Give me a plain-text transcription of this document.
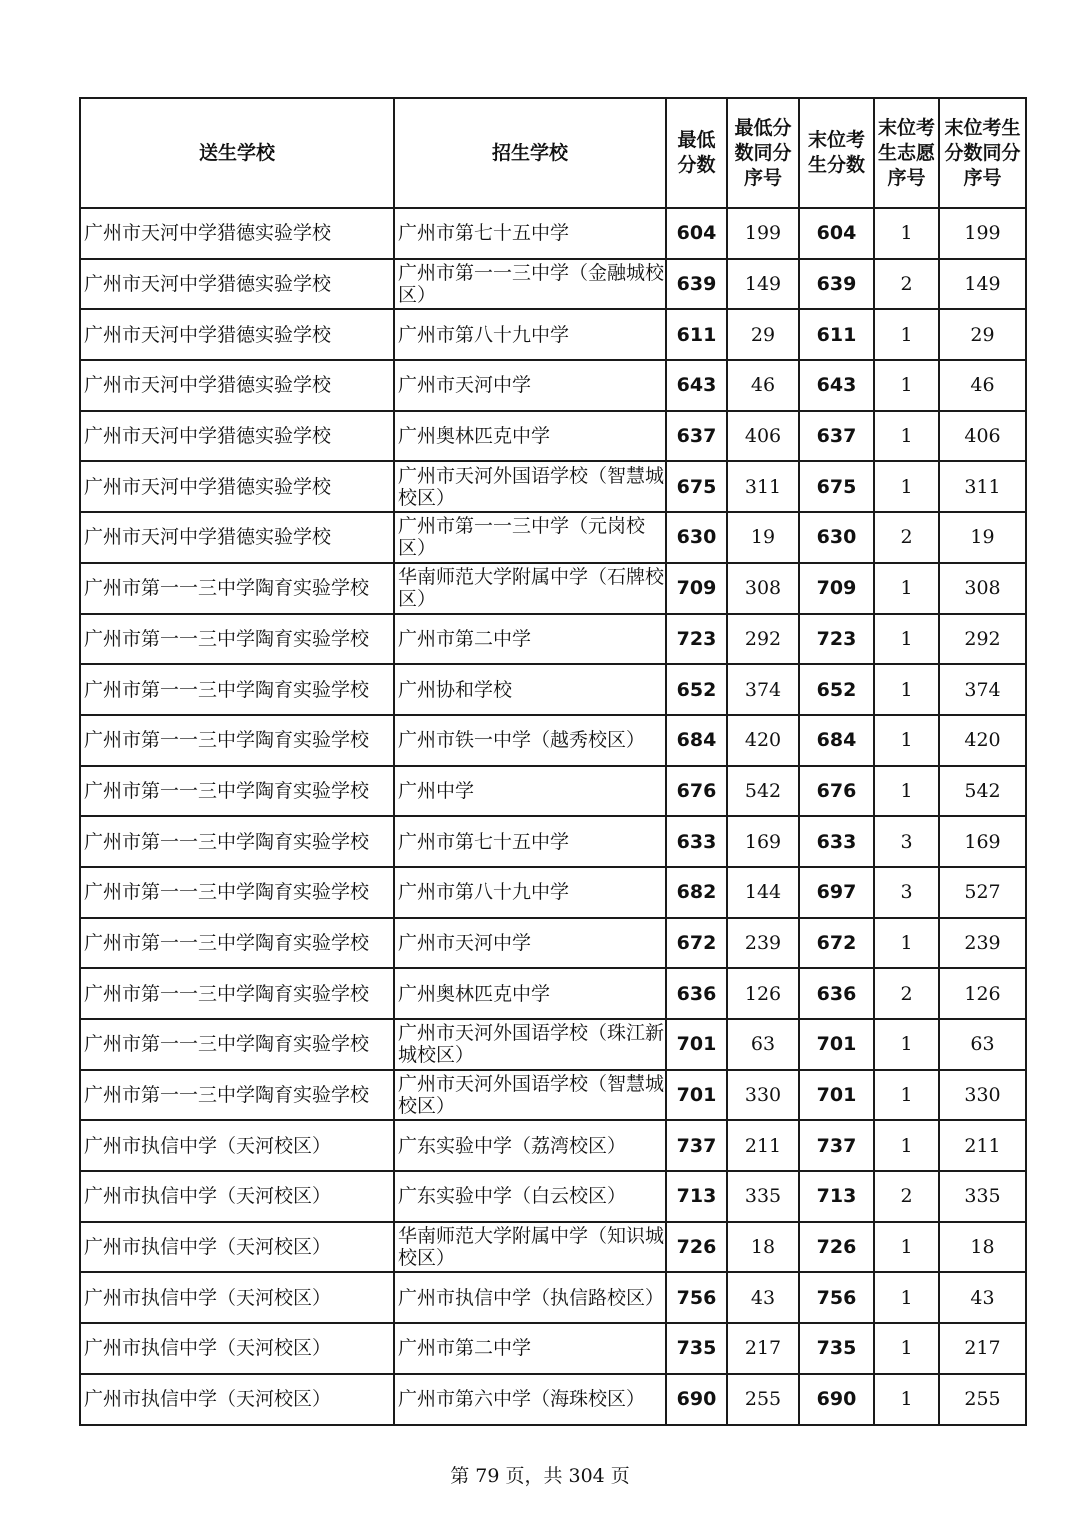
送生学校	招生学校	最低分数	最低分数同分序号	末位考生分数	末位考生志愿序号	末位考生分数同分序号
广州市天河中学猎德实验学校	广州市第七十五中学	604	199	604	1	199
广州市天河中学猎德实验学校	广州市第一一三中学（金融城校区）	639	149	639	2	149
广州市天河中学猎德实验学校	广州市第八十九中学	611	29	611	1	29
广州市天河中学猎德实验学校	广州市天河中学	643	46	643	1	46
广州市天河中学猎德实验学校	广州奥林匹克中学	637	406	637	1	406
广州市天河中学猎德实验学校	广州市天河外国语学校（智慧城校区）	675	311	675	1	311
广州市天河中学猎德实验学校	广州市第一一三中学（元岗校区）	630	19	630	2	19
广州市第一一三中学陶育实验学校	华南师范大学附属中学（石牌校区）	709	308	709	1	308
广州市第一一三中学陶育实验学校	广州市第二中学	723	292	723	1	292
广州市第一一三中学陶育实验学校	广州协和学校	652	374	652	1	374
广州市第一一三中学陶育实验学校	广州市铁一中学（越秀校区）	684	420	684	1	420
广州市第一一三中学陶育实验学校	广州中学	676	542	676	1	542
广州市第一一三中学陶育实验学校	广州市第七十五中学	633	169	633	3	169
广州市第一一三中学陶育实验学校	广州市第八十九中学	682	144	697	3	527
广州市第一一三中学陶育实验学校	广州市天河中学	672	239	672	1	239
广州市第一一三中学陶育实验学校	广州奥林匹克中学	636	126	636	2	126
广州市第一一三中学陶育实验学校	广州市天河外国语学校（珠江新城校区）	701	63	701	1	63
广州市第一一三中学陶育实验学校	广州市天河外国语学校（智慧城校区）	701	330	701	1	330
广州市执信中学（天河校区）	广东实验中学（荔湾校区）	737	211	737	1	211
广州市执信中学（天河校区）	广东实验中学（白云校区）	713	335	713	2	335
广州市执信中学（天河校区）	华南师范大学附属中学（知识城校区）	726	18	726	1	18
广州市执信中学（天河校区）	广州市执信中学（执信路校区）	756	43	756	1	43
广州市执信中学（天河校区）	广州市第二中学	735	217	735	1	217
广州市执信中学（天河校区）	广州市第六中学（海珠校区）	690	255	690	1	255
第 79 页，共 304 页
